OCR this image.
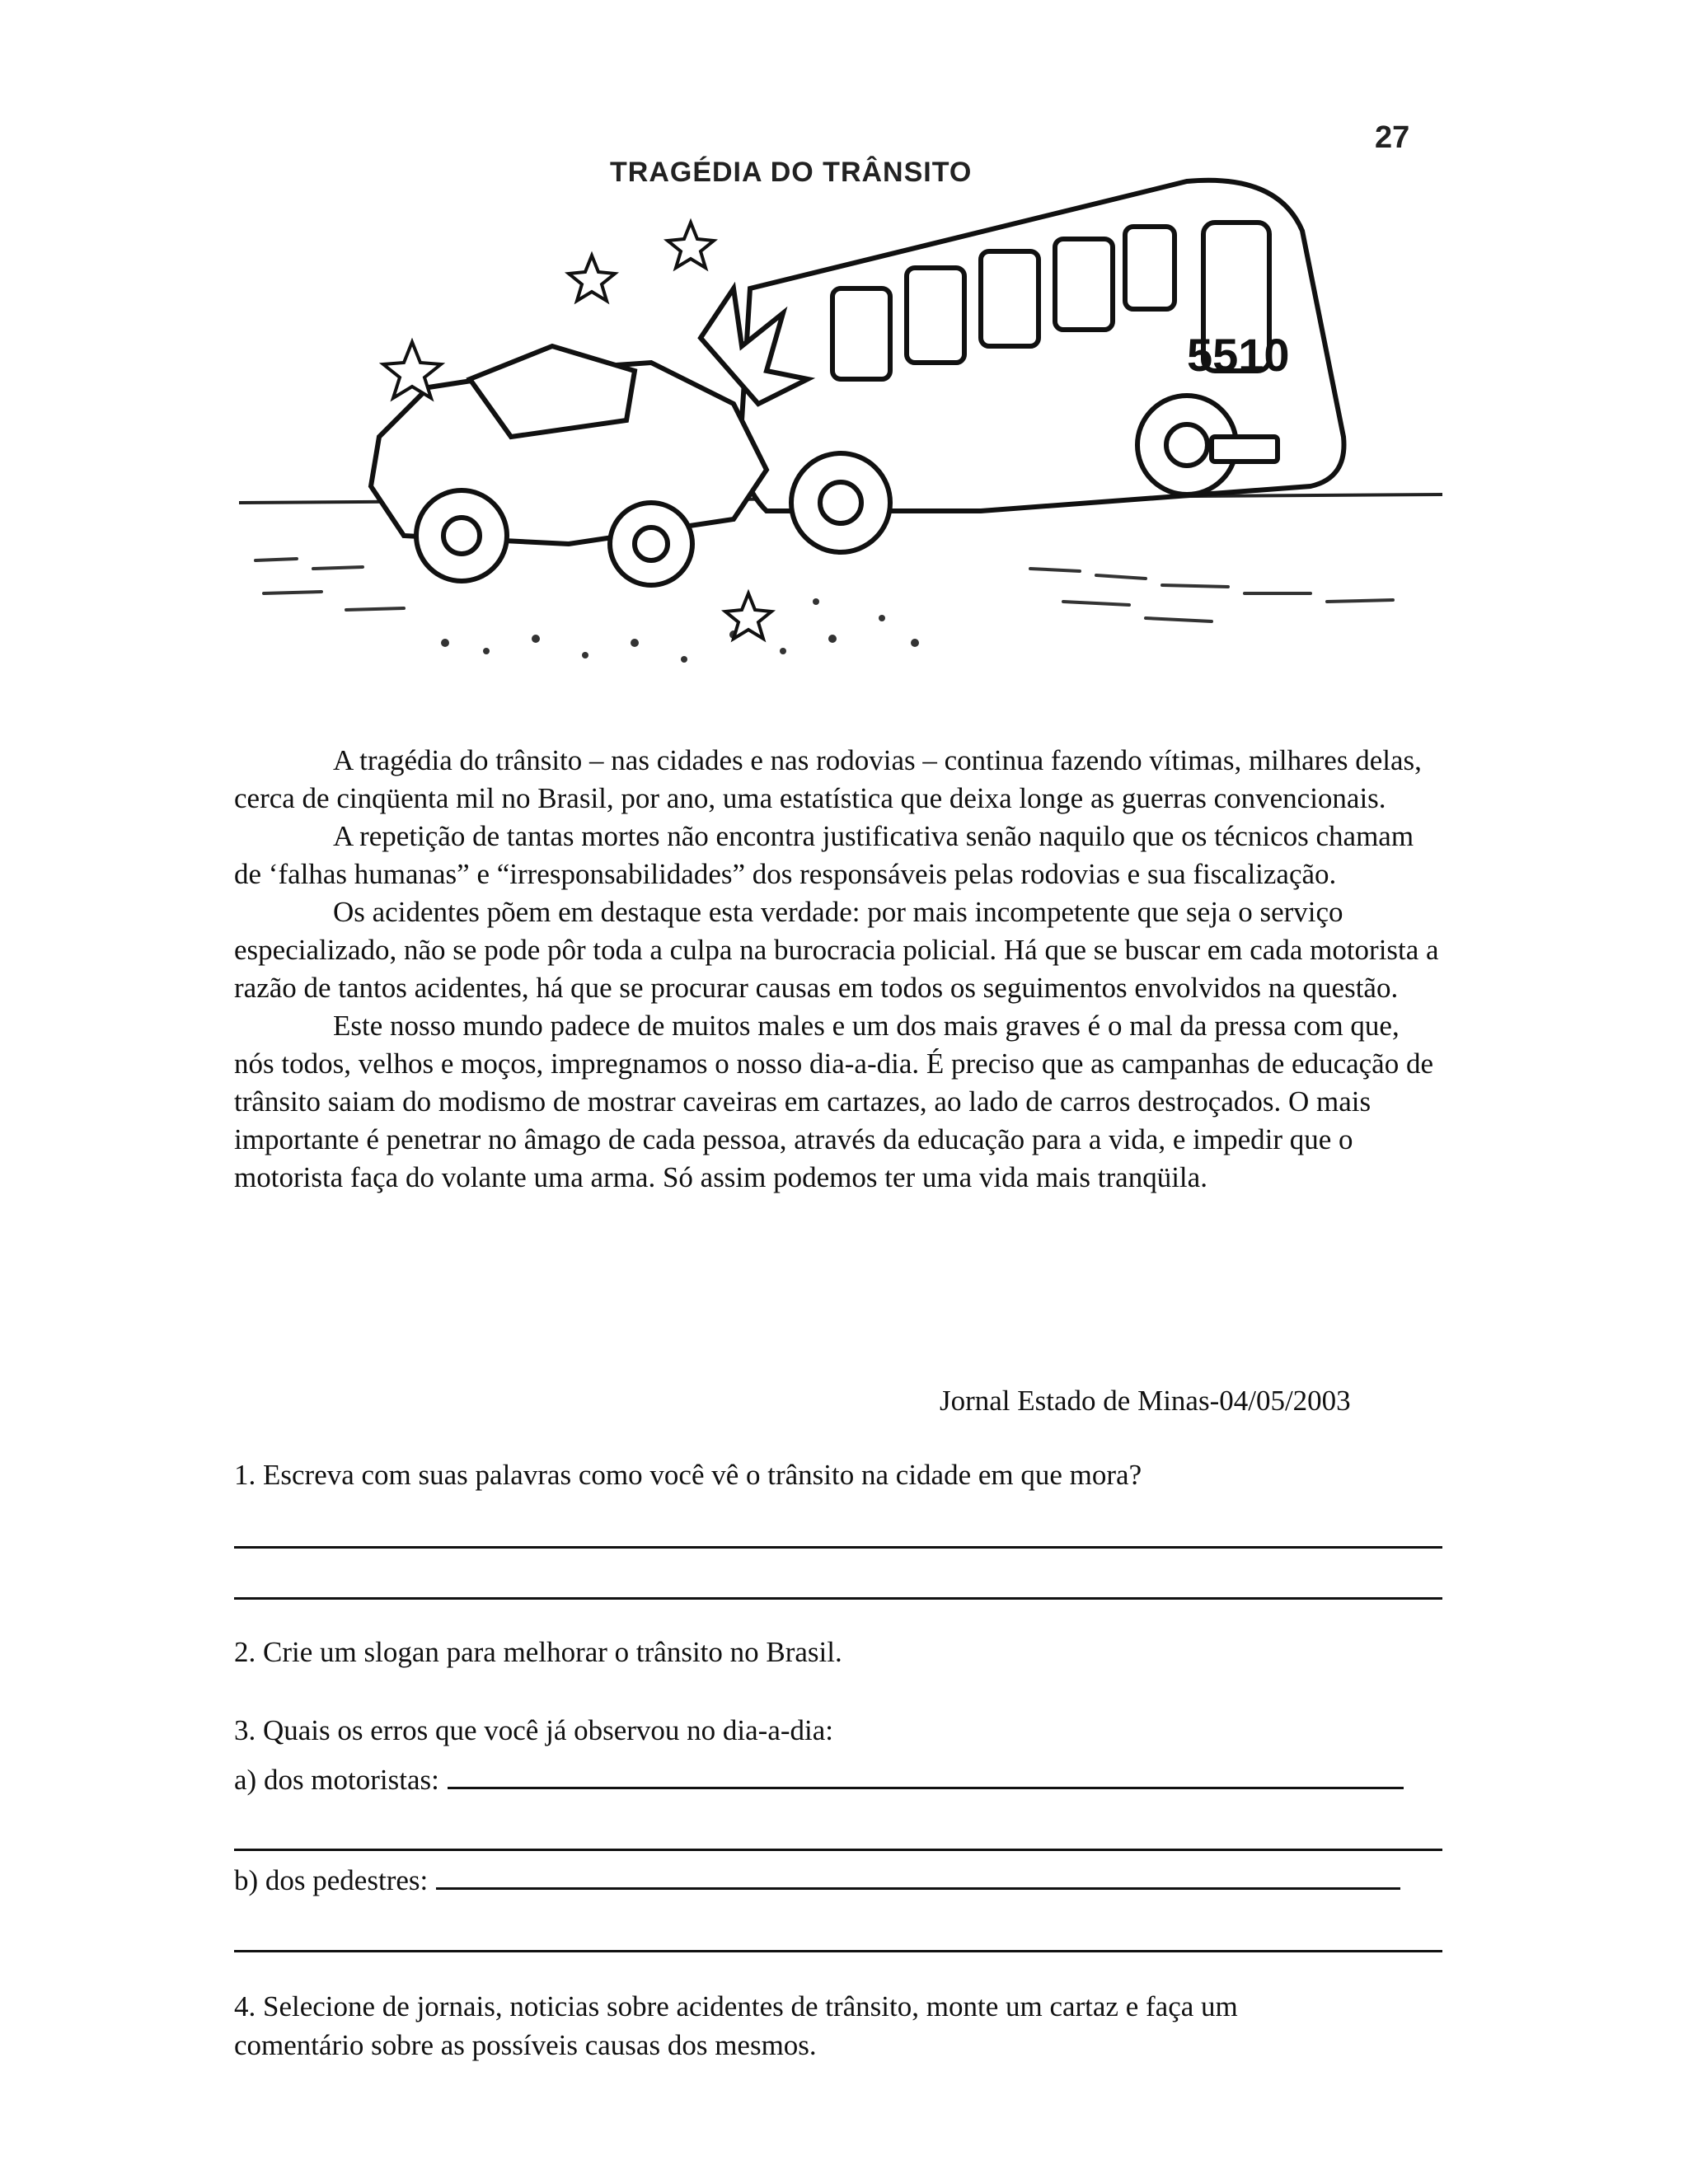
27
5510
TRAGÉDIA DO TRÂNSITO

A tragédia do trânsito – nas cidades e nas rodovias – continua fazendo vítimas, milhares delas, cerca de cinqüenta mil no Brasil, por ano, uma estatística que deixa longe as guerras convencionais.

A repetição de tantas mortes não encontra justificativa senão naquilo que os técnicos chamam de ‘falhas humanas” e “irresponsabilidades” dos responsáveis pelas rodovias e sua fiscalização.

Os acidentes põem em destaque esta verdade: por mais incompetente que seja o serviço especializado, não se pode pôr toda a culpa na burocracia policial. Há que se buscar em cada motorista a razão de tantos acidentes, há que se procurar causas em todos os seguimentos envolvidos na questão.

Este nosso mundo padece de muitos males e um dos mais graves é o mal da pressa com que, nós todos, velhos e moços, impregnamos o nosso dia-a-dia. É preciso que as campanhas de educação de trânsito saiam do modismo de mostrar caveiras em cartazes, ao lado de carros destroçados. O mais importante é penetrar no âmago de cada pessoa, através da educação para a vida, e impedir que o motorista faça do volante uma arma. Só assim podemos ter uma vida mais tranqüila.

Jornal Estado de Minas-04/05/2003
1. Escreva com suas palavras como você vê o trânsito na cidade em que mora?
2. Crie um slogan para melhorar o trânsito no Brasil.
3. Quais os erros que você já observou no dia-a-dia:
a) dos motoristas:
b) dos pedestres:
4. Selecione de jornais, noticias sobre acidentes de trânsito, monte um cartaz e faça um
comentário sobre as possíveis causas dos mesmos.
